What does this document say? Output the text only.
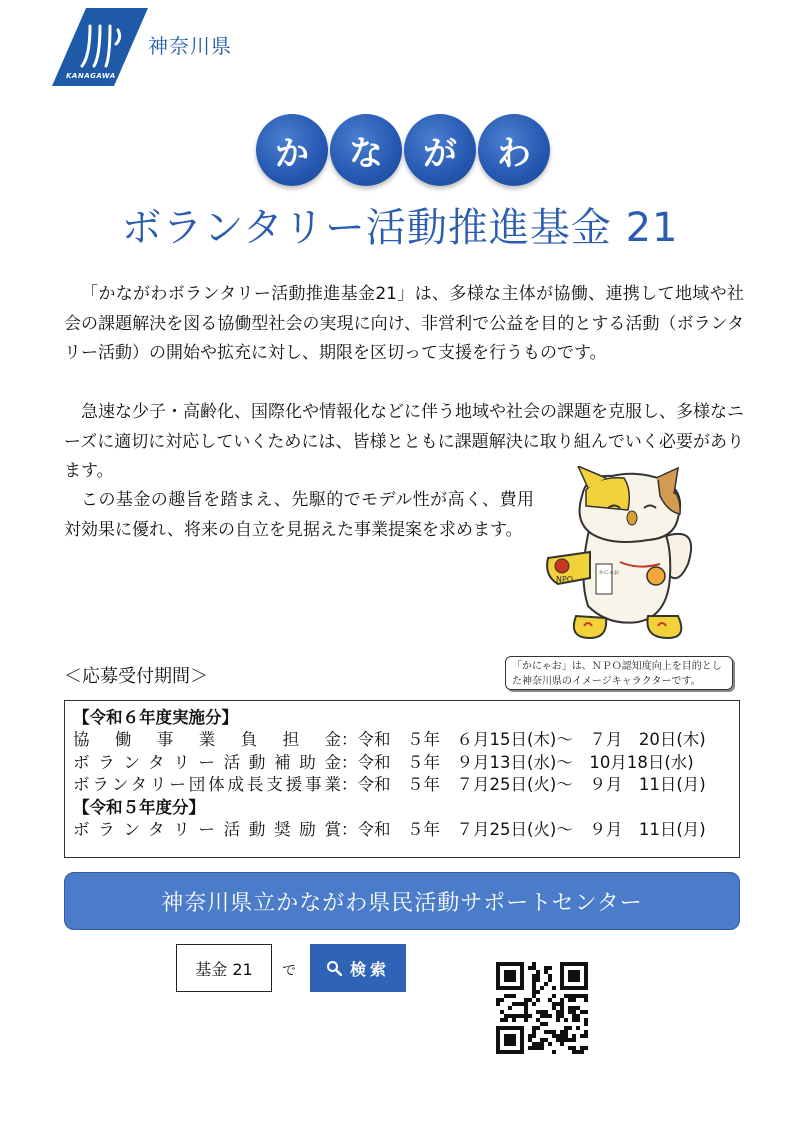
KANAGAWA
神奈川県
か	な	が	わ
ボランタリー活動推進基金 21
「かながわボランタリー活動推進基金21」は、多様な主体が協働、連携して地域や社会の課題解決を図る協働型社会の実現に向け、非営利で公益を目的とする活動（ボランタリー活動）の開始や拡充に対し、期限を区切って支援を行うものです。
急速な少子・高齢化、国際化や情報化などに伴う地域や社会の課題を克服し、多様なニーズに適切に対応していくためには、皆様とともに課題解決に取り組んでいく必要があります。
この基金の趣旨を踏まえ、先駆的でモデル性が高く、費用対効果に優れ、将来の自立を見据えた事業提案を求めます。
NPO
かにゃお
「かにゃお」は、ＮＰＯ認知度向上を目的とした神奈川県のイメージキャラクターです。
＜応募受付期間＞
【令和６年度実施分】
協働事業負担金：令和　５年　６月15日(木)～　７月　20日(木)
ボランタリー活動補助金：令和　５年　９月13日(水)～　10月18日(水)
ボランタリー団体成長支援事業：令和　５年　７月25日(火)～　９月　11日(月)
【令和５年度分】
ボランタリー活動奨励賞：令和　５年　７月25日(火)～　９月　11日(月)
神奈川県立かながわ県民活動サポートセンター
基金 21	で	検索
